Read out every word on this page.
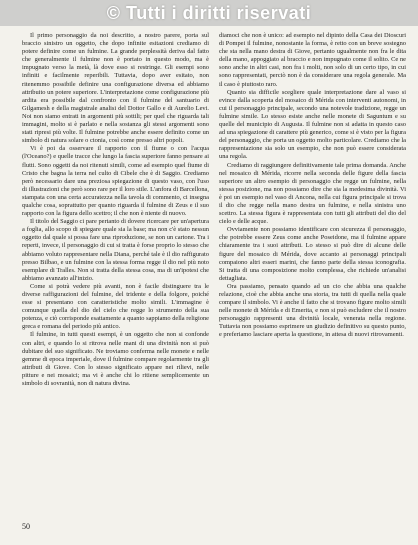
© Tutti i diritti riservati

Il primo personaggio da noi descritto, a nostro parere, porta sul braccio sinistro un oggetto, che dopo infinite esitazioni crediamo di potere definire come un fulmine. La grande perplessità deriva dal fatto che generalmente il fulmine non è portato in questo modo, ma è impugnato verso la metà, là dove esso si restringe. Gli esempi sono infiniti e facilmente reperibili. Tuttavia, dopo aver esitato, non ritenemmo possibile definire una configurazione diversa ed abbiamo attribuito un potere superiore. L'interpretazione come configurazione più ardita era possibile dal confronto con il fulmine del santuario di Gilgamesh e della magistrale analisi del Dottor Gallo e di Aurelio Levi. Noi non siamo entrati in argomenti più sottili; per quel che riguarda tali immagini, molto si è parlato e nella sostanza gli stessi argomenti sono stati ripresi più volte. Il fulmine potrebbe anche essere definito come un simbolo di natura solare o ctonia, così come presso altri popoli.

Vi è poi da osservare il rapporto con il fiume o con l'acqua (l'Oceano?) e quelle tracce che lungo la fascia superiore fanno pensare ai flutti. Sono oggetti da noi ritenuti simili, come ad esempio quel fiume di Cristo che bagna la terra nel culto di Cibele che è di Saggio. Crediamo però necessario dare una preziosa spiegazione di questo vaso, con l'uso di illustrazioni che però sono rare per il loro stile. L'anfora di Barcellona, stampata con una certa accuratezza nella tavola di commento, ci insegna qualche cosa, soprattutto per quanto riguarda il fulmine di Zeus e il suo rapporto con la figura dello scettro; il che non è niente di nuovo.

Il titolo del Saggio ci pare pertanto di dovere ricercare per un'apertura a foglia, allo scopo di spiegare quale sia la base; ma non c'è stato nessun oggetto dal quale si possa fare una riproduzione, se non un cartone. Tra i reperti, invece, il personaggio di cui si tratta è forse proprio lo stesso che abbiamo voluto rappresentare nella Diana, perché tale è il dio raffigurato presso Bilbao, e un fulmine con la stessa forma regge il dio nel più noto esemplare di Tralles. Non si tratta della stessa cosa, ma di un'ipotesi che abbiamo avanzato all'inizio.

Come si potrà vedere più avanti, non è facile distinguere tra le diverse raffigurazioni del fulmine, del tridente e della folgore, poiché esse si presentano con caratteristiche molto simili. L'immagine è comunque quella del dio del cielo che regge lo strumento della sua potenza, e ciò corrisponde esattamente a quanto sappiamo della religione greca e romana del periodo più antico.

Il fulmine, in tutti questi esempi, è un oggetto che non si confonde con altri, e quando lo si ritrova nelle mani di una divinità non si può dubitare del suo significato. Ne troviamo conferma nelle monete e nelle gemme di epoca imperiale, dove il fulmine compare regolarmente tra gli attributi di Giove. Con lo stesso significato appare nei rilievi, nelle pitture e nei mosaici; ma vi è anche chi lo ritiene semplicemente un simbolo di sovranità, non di natura divina.

diamoci che non è unico: ad esempio nel dipinto della Casa dei Dioscuri di Pompei il fulmine, nonostante la forma, è retto con un breve sostegno che sta nella mano destra di Giove, pertanto ugualmente non fra le dita della mano, appoggiato al braccio e non impugnato come il solito. Ce ne sono anche in altri casi, non fra i molti, non solo di un certo tipo, in cui sono rappresentati, perciò non è da considerare una regola generale. Ma il caso è piuttosto raro.

Quanto sia difficile scegliere quale interpretazione dare al vaso si evince dalla scoperta del mosaico di Mérida con interventi autonomi, in cui il personaggio principale, secondo una notevole tradizione, regge un fulmine simile. Lo stesso esiste anche nelle monete di Saguntum e su quelle del municipio di Augusta. Il fulmine non si adatta in questo caso ad una spiegazione di carattere più generico, come si è visto per la figura del personaggio, che porta un oggetto molto particolare. Crediamo che la rappresentazione sia solo un esempio, che non può essere considerata una regola.

Crediamo di raggiungere definitivamente tale prima domanda. Anche nel mosaico di Mérida, ricorre nella seconda delle figure della fascia superiore un altro esempio di personaggio che regge un fulmine, nella stessa posizione, ma non possiamo dire che sia la medesima divinità. Vi è poi un esempio nel vaso di Ancona, nella cui figura principale si trova il dio che regge nella mano destra un fulmine, e nella sinistra uno scettro. La stessa figura è rappresentata con tutti gli attributi del dio del cielo e delle acque.

Ovviamente non possiamo identificare con sicurezza il personaggio, che potrebbe essere Zeus come anche Poseidone, ma il fulmine appare chiaramente tra i suoi attributi. Lo stesso si può dire di alcune delle figure del mosaico di Mérida, dove accanto ai personaggi principali compaiono altri esseri marini, che fanno parte della stessa iconografia. Si tratta di una composizione molto complessa, che richiede un'analisi dettagliata.

Ora passiamo, pensato quando ad un cio che abbia una qualche relazione, cioè che abbia anche una storia, tra tutti di quella nella quale compare il simbolo. Vi è anche il fatto che si trovano figure molto simili nelle monete di Mérida e di Emerita, e non si può escludere che il nostro personaggio rappresenti una divinità locale, venerata nella regione. Tuttavia non possiamo esprimere un giudizio definitivo su questo punto, e preferiamo lasciare aperta la questione, in attesa di nuovi ritrovamenti.

50
